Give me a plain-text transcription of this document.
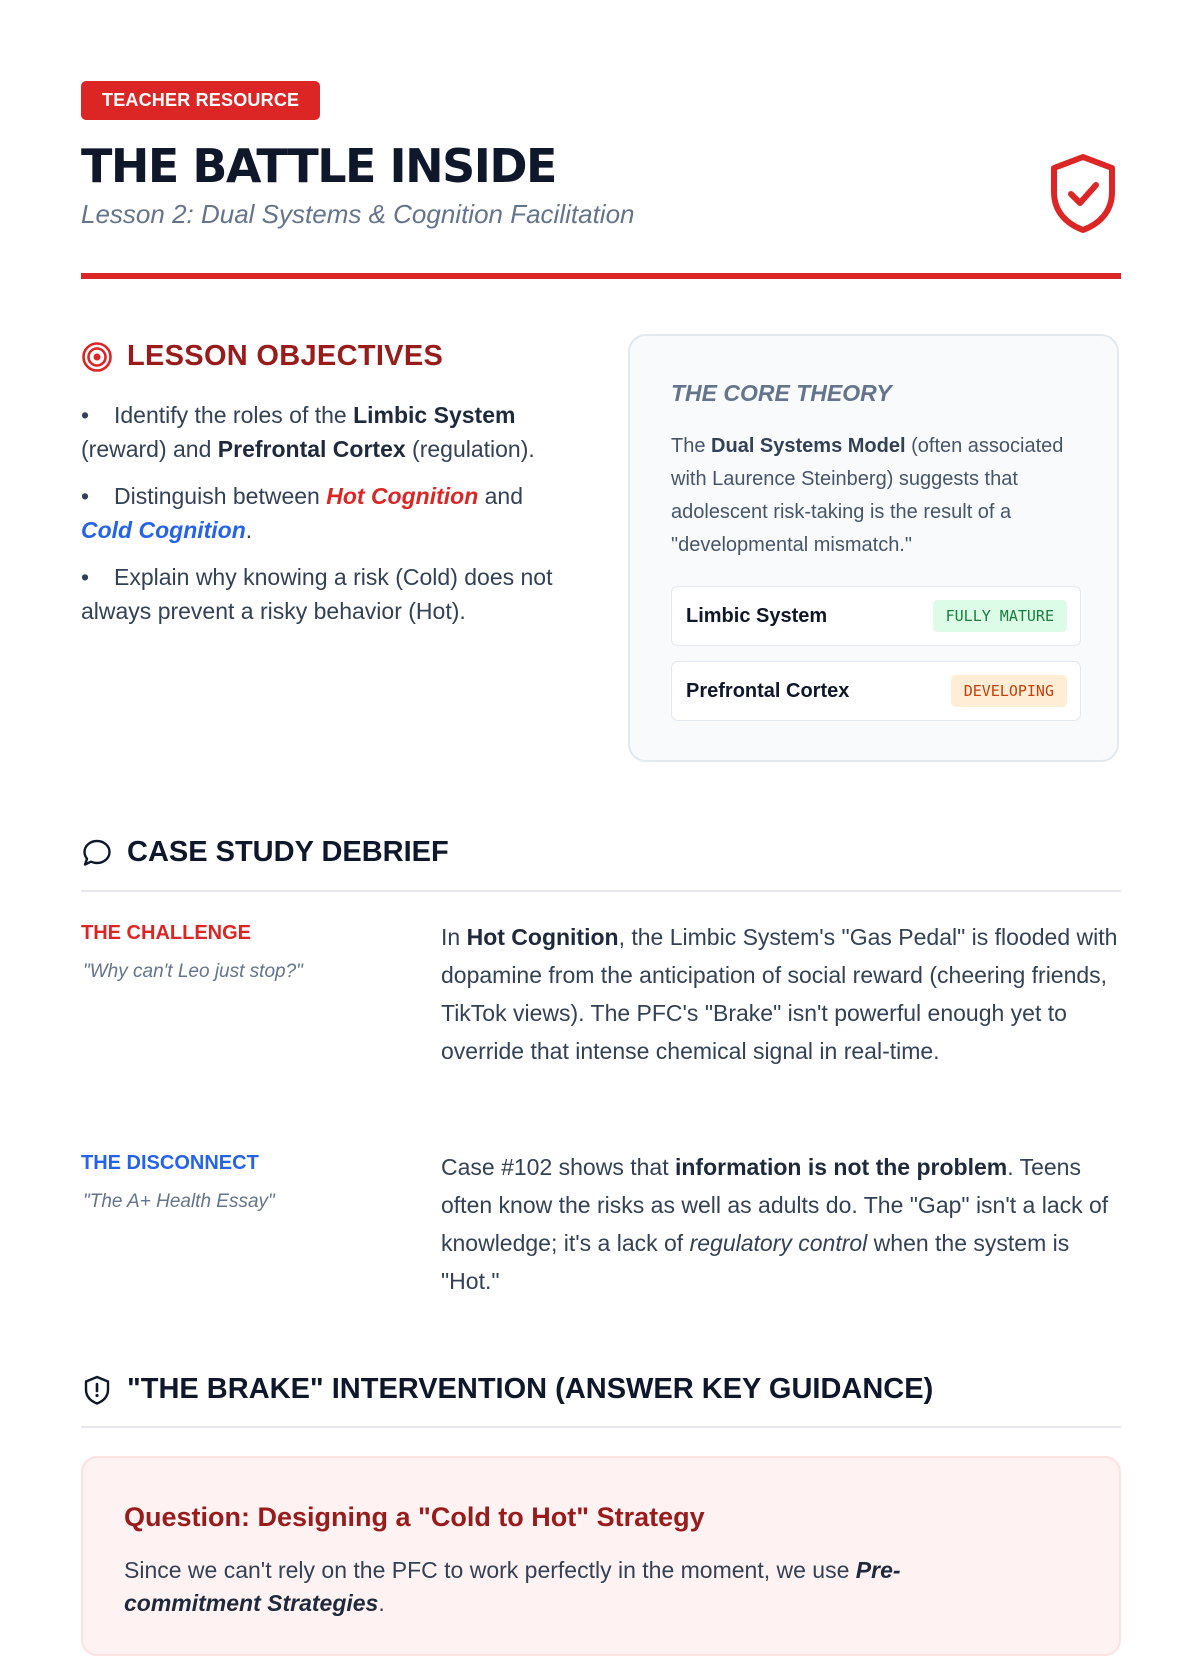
TEACHER RESOURCE
THE BATTLE INSIDE
Lesson 2: Dual Systems & Cognition Facilitation
LESSON OBJECTIVES
• Identify the roles of the Limbic System (reward) and Prefrontal Cortex (regulation).
• Distinguish between Hot Cognition and Cold Cognition.
• Explain why knowing a risk (Cold) does not always prevent a risky behavior (Hot).
THE CORE THEORY

The Dual Systems Model (often associated with Laurence Steinberg) suggests that adolescent risk-taking is the result of a "developmental mismatch."

Limbic System	FULLY MATURE
Prefrontal Cortex	DEVELOPING
CASE STUDY DEBRIEF
THE CHALLENGE
"Why can't Leo just stop?"

In Hot Cognition, the Limbic System's "Gas Pedal" is flooded with dopamine from the anticipation of social reward (cheering friends, TikTok views). The PFC's "Brake" isn't powerful enough yet to override that intense chemical signal in real-time.

THE DISCONNECT
"The A+ Health Essay"

Case #102 shows that information is not the problem. Teens often know the risks as well as adults do. The "Gap" isn't a lack of knowledge; it's a lack of regulatory control when the system is "Hot."

"THE BRAKE" INTERVENTION (ANSWER KEY GUIDANCE)
Question: Designing a "Cold to Hot" Strategy

Since we can't rely on the PFC to work perfectly in the moment, we use Pre-commitment Strategies.
